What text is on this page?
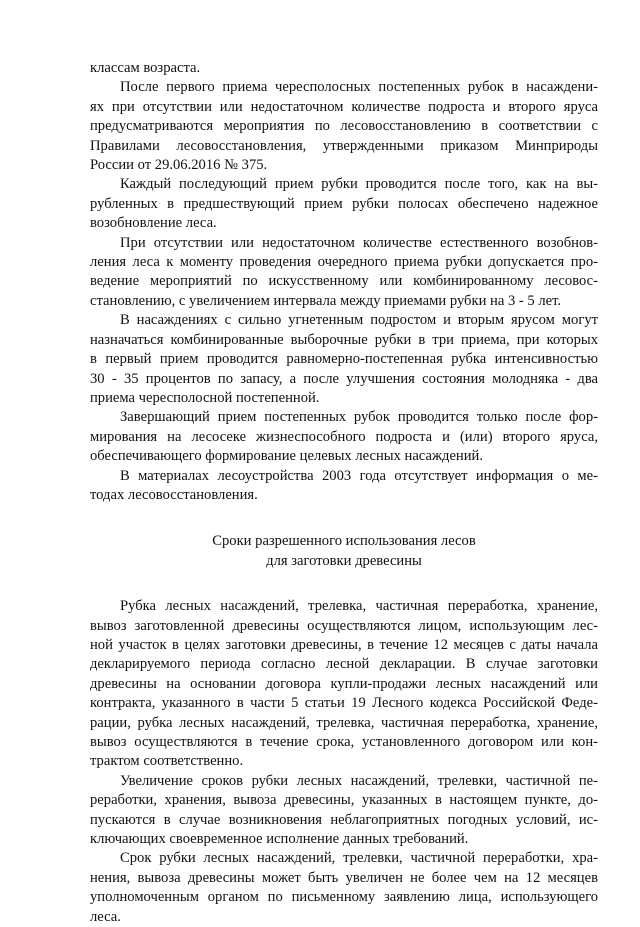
классам возраста.
После первого приема чересполосных постепенных рубок в насаждени-
ях при отсутствии или недостаточном количестве подроста и второго яруса
предусматриваются мероприятия по лесовосстановлению в соответствии с
Правилами лесовосстановления, утвержденными приказом Минприроды
России от 29.06.2016 № 375.
Каждый последующий прием рубки проводится после того, как на вы-
рубленных в предшествующий прием рубки полосах обеспечено надежное
возобновление леса.
При отсутствии или недостаточном количестве естественного возобнов-
ления леса к моменту проведения очередного приема рубки допускается про-
ведение мероприятий по искусственному или комбинированному лесовос-
становлению, с увеличением интервала между приемами рубки на 3 - 5 лет.
В насаждениях с сильно угнетенным подростом и вторым ярусом могут
назначаться комбинированные выборочные рубки в три приема, при которых
в первый прием проводится равномерно-постепенная рубка интенсивностью
30 - 35 процентов по запасу, а после улучшения состояния молодняка - два
приема чересполосной постепенной.
Завершающий прием постепенных рубок проводится только после фор-
мирования на лесосеке жизнеспособного подроста и (или) второго яруса,
обеспечивающего формирование целевых лесных насаждений.
В материалах лесоустройства 2003 года отсутствует информация о ме-
тодах лесовосстановления.
Сроки разрешенного использования лесов
для заготовки древесины
Рубка лесных насаждений, трелевка, частичная переработка, хранение,
вывоз заготовленной древесины осуществляются лицом, использующим лес-
ной участок в целях заготовки древесины, в течение 12 месяцев с даты начала
декларируемого периода согласно лесной декларации. В случае заготовки
древесины на основании договора купли-продажи лесных насаждений или
контракта, указанного в части 5 статьи 19 Лесного кодекса Российской Феде-
рации, рубка лесных насаждений, трелевка, частичная переработка, хранение,
вывоз осуществляются в течение срока, установленного договором или кон-
трактом соответственно.
Увеличение сроков рубки лесных насаждений, трелевки, частичной пе-
реработки, хранения, вывоза древесины, указанных в настоящем пункте, до-
пускаются в случае возникновения неблагоприятных погодных условий, ис-
ключающих своевременное исполнение данных требований.
Срок рубки лесных насаждений, трелевки, частичной переработки, хра-
нения, вывоза древесины может быть увеличен не более чем на 12 месяцев
уполномоченным органом по письменному заявлению лица, использующего
леса.
